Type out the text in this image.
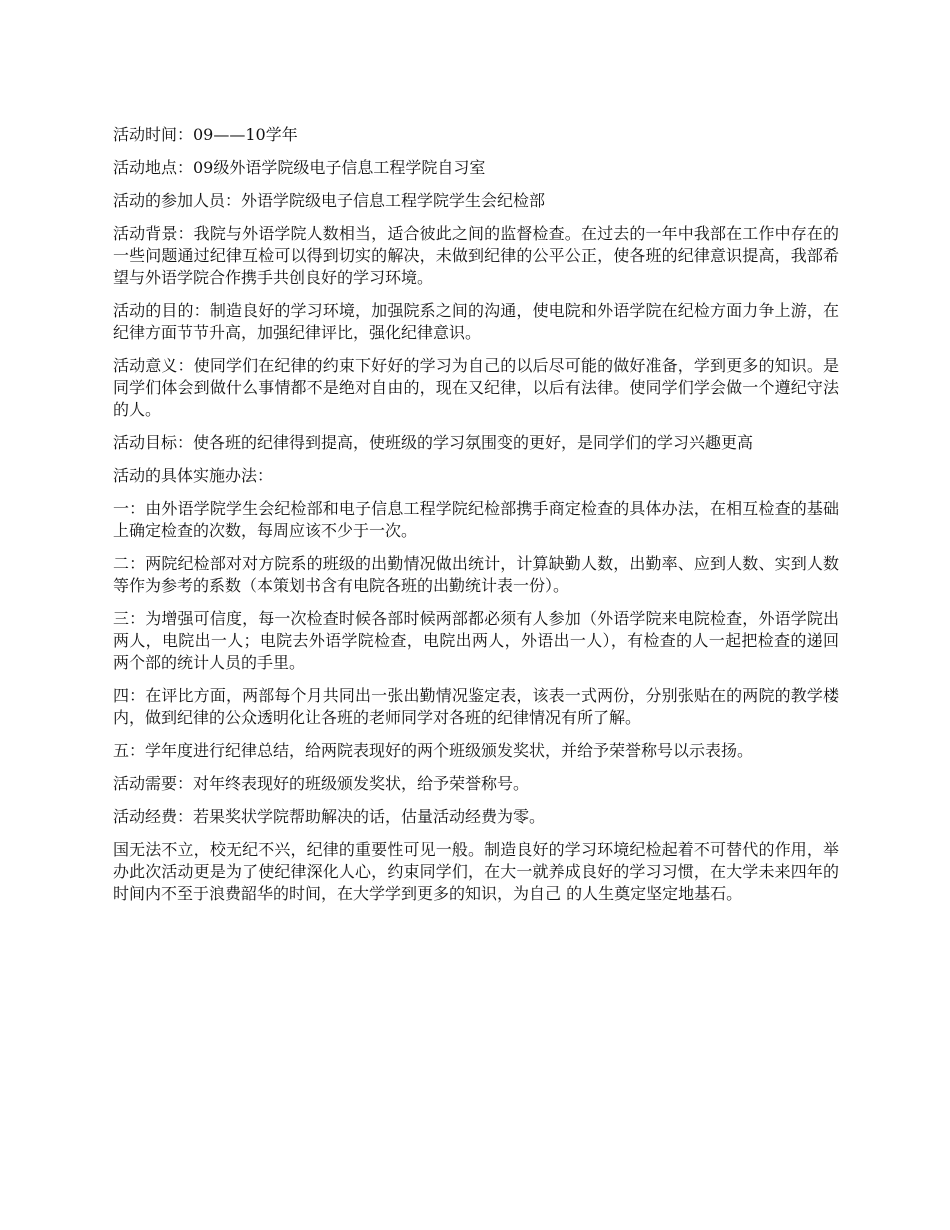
活动时间：09——10学年

活动地点：09级外语学院级电子信息工程学院自习室

活动的参加人员：外语学院级电子信息工程学院学生会纪检部

活动背景：我院与外语学院人数相当，适合彼此之间的监督检查。在过去的一年中我部在工作中存在的一些问题通过纪律互检可以得到切实的解决，未做到纪律的公平公正，使各班的纪律意识提高，我部希望与外语学院合作携手共创良好的学习环境。

活动的目的：制造良好的学习环境，加强院系之间的沟通，使电院和外语学院在纪检方面力争上游，在纪律方面节节升高，加强纪律评比，强化纪律意识。

活动意义：使同学们在纪律的约束下好好的学习为自己的以后尽可能的做好准备，学到更多的知识。是同学们体会到做什么事情都不是绝对自由的，现在又纪律，以后有法律。使同学们学会做一个遵纪守法的人。

活动目标：使各班的纪律得到提高，使班级的学习氛围变的更好，是同学们的学习兴趣更高

活动的具体实施办法：

一：由外语学院学生会纪检部和电子信息工程学院纪检部携手商定检查的具体办法，在相互检查的基础上确定检查的次数，每周应该不少于一次。

二：两院纪检部对对方院系的班级的出勤情况做出统计，计算缺勤人数，出勤率、应到人数、实到人数等作为参考的系数（本策划书含有电院各班的出勤统计表一份）。

三：为增强可信度，每一次检查时候各部时候两部都必须有人参加（外语学院来电院检查，外语学院出两人，电院出一人；电院去外语学院检查，电院出两人，外语出一人），有检查的人一起把检查的递回两个部的统计人员的手里。

四：在评比方面，两部每个月共同出一张出勤情况鉴定表，该表一式两份，分别张贴在的两院的教学楼内，做到纪律的公众透明化让各班的老师同学对各班的纪律情况有所了解。

五：学年度进行纪律总结，给两院表现好的两个班级颁发奖状，并给予荣誉称号以示表扬。

活动需要：对年终表现好的班级颁发奖状，给予荣誉称号。

活动经费：若果奖状学院帮助解决的话，估量活动经费为零。

国无法不立，校无纪不兴，纪律的重要性可见一般。制造良好的学习环境纪检起着不可替代的作用，举办此次活动更是为了使纪律深化人心，约束同学们，在大一就养成良好的学习习惯，在大学未来四年的时间内不至于浪费韶华的时间，在大学学到更多的知识，为自己 的人生奠定坚定地基石。
